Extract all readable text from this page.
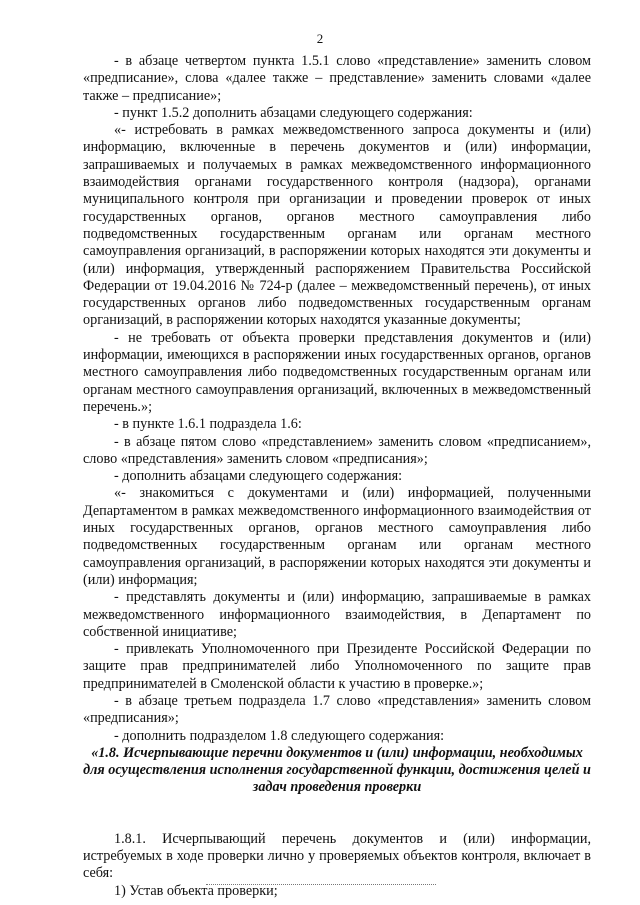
2

- в абзаце четвертом пункта 1.5.1 слово «представление» заменить словом «предписание», слова «далее также – представление» заменить словами «далее также – предписание»;

- пункт 1.5.2 дополнить абзацами следующего содержания:

«- истребовать в рамках межведомственного запроса документы и (или) информацию, включенные в перечень документов и (или) информации, запрашиваемых и получаемых в рамках межведомственного информационного взаимодействия органами государственного контроля (надзора), органами муниципального контроля при организации и проведении проверок от иных государственных органов, органов местного самоуправления либо подведомственных государственным органам или органам местного самоуправления организаций, в распоряжении которых находятся эти документы и (или) информация, утвержденный распоряжением Правительства Российской Федерации от 19.04.2016 № 724-р (далее – межведомственный перечень), от иных государственных органов либо подведомственных государственным органам организаций, в распоряжении которых находятся указанные документы;

- не требовать от объекта проверки представления документов и (или) информации, имеющихся в распоряжении иных государственных органов, органов местного самоуправления либо подведомственных государственным органам или органам местного самоуправления организаций, включенных в межведомственный перечень.»;

- в пункте 1.6.1 подраздела 1.6:

- в абзаце пятом слово «представлением» заменить словом «предписанием», слово «представления» заменить словом «предписания»;

- дополнить абзацами следующего содержания:

«- знакомиться с документами и (или) информацией, полученными Департаментом в рамках межведомственного информационного взаимодействия от иных государственных органов, органов местного самоуправления либо подведомственных государственным органам или органам местного самоуправления организаций, в распоряжении которых находятся эти документы и (или) информация;

- представлять документы и (или) информацию, запрашиваемые в рамках межведомственного информационного взаимодействия, в Департамент по собственной инициативе;

- привлекать Уполномоченного при Президенте Российской Федерации по защите прав предпринимателей либо Уполномоченного по защите прав предпринимателей в Смоленской области к участию в проверке.»;

- в абзаце третьем подраздела 1.7 слово «представления» заменить словом «предписания»;

- дополнить подразделом 1.8 следующего содержания:

«1.8. Исчерпывающие перечни документов и (или) информации, необходимых для осуществления исполнения государственной функции, достижения целей и задач проведения проверки

1.8.1. Исчерпывающий перечень документов и (или) информации, истребуемых в ходе проверки лично у проверяемых объектов контроля, включает в себя:

1) Устав объекта проверки;
